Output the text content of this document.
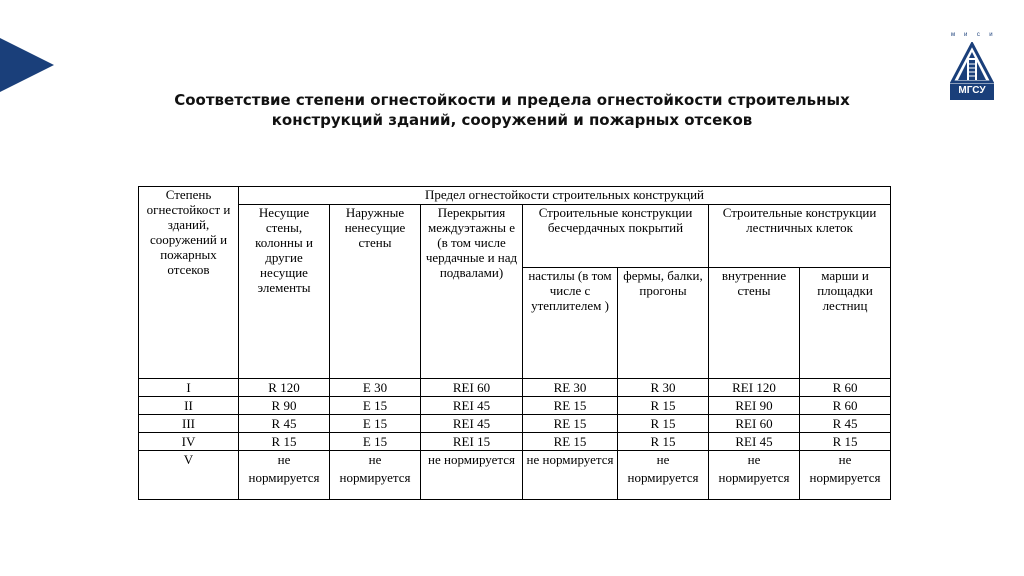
м	и	с	и
МГСУ
Соответствие степени огнестойкости и предела огнестойкости строительных
конструкций зданий, сооружений и пожарных отсеков
Степень огнестойкост и зданий, сооружений и пожарных отсеков	Предел огнестойкости строительных конструкций						
	Несущие стены, колонны и другие несущие элементы	Наружные ненесущие стены	Перекрытия междуэтажны е (в том числе чердачные и над подвалами)	Строительные конструкции бесчердачных покрытий		Строительные конструкции лестничных клеток	
				настилы (в том числе с утеплителем )	фермы, балки, прогоны	внутренние стены	марши и площадки лестниц
I	R 120	E 30	REI 60	RE 30	R 30	REI 120	R 60
II	R 90	E 15	REI 45	RE 15	R 15	REI 90	R 60
III	R 45	E 15	REI 45	RE 15	R 15	REI 60	R 45
IV	R 15	E 15	REI 15	RE 15	R 15	REI 45	R 15
V	не нормируется	не нормируется	не нормируется	не нормируется	не нормируется	не нормируется	не нормируется
